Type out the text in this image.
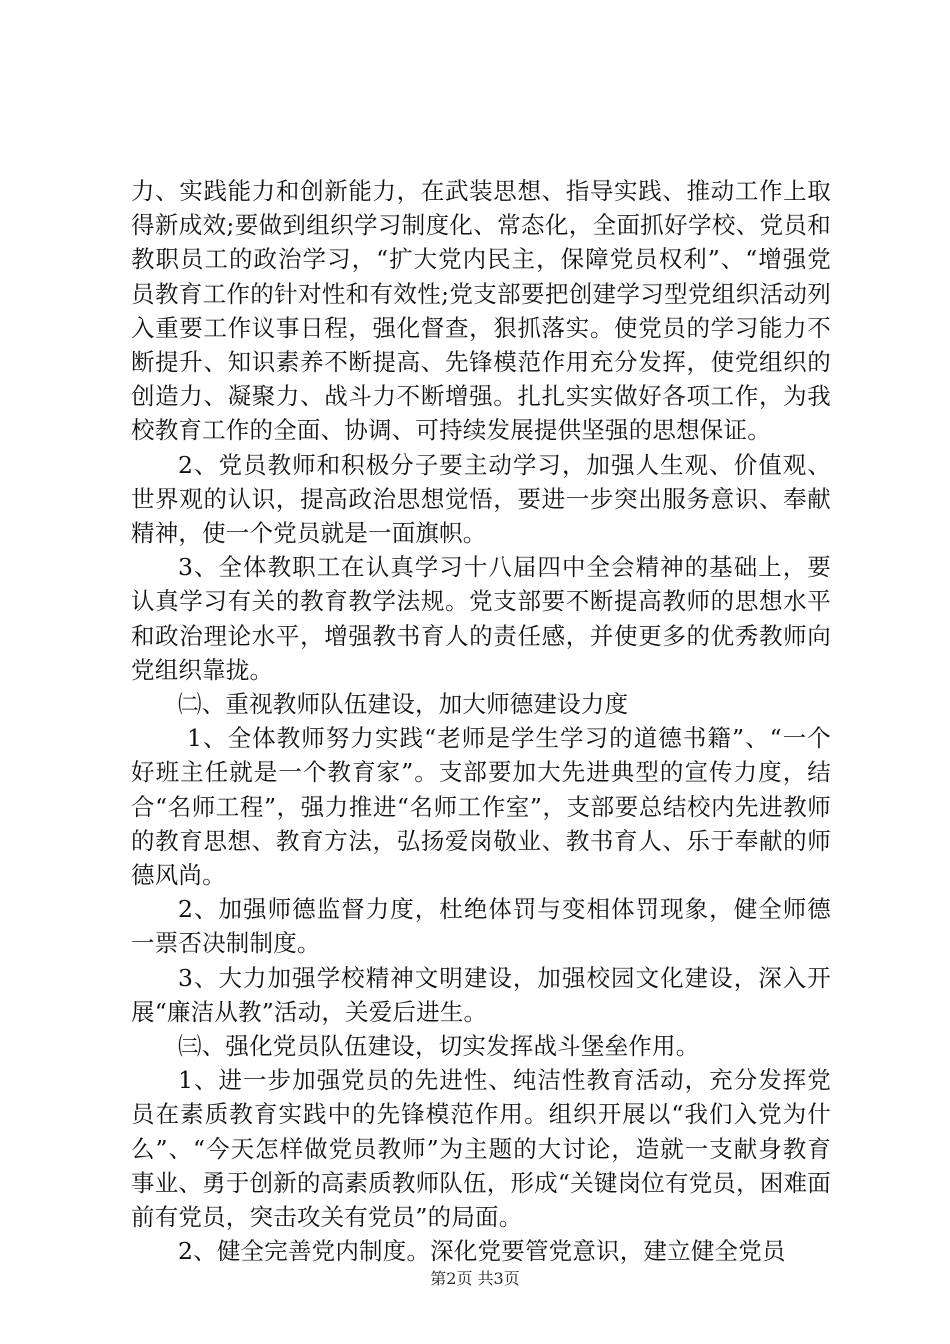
力、实践能力和创新能力，在武装思想、指导实践、推动工作上取得新成效;要做到组织学习制度化、常态化，全面抓好学校、党员和教职员工的政治学习，“扩大党内民主，保障党员权利”、“增强党员教育工作的针对性和有效性;党支部要把创建学习型党组织活动列入重要工作议事日程，强化督查，狠抓落实。使党员的学习能力不断提升、知识素养不断提高、先锋模范作用充分发挥，使党组织的创造力、凝聚力、战斗力不断增强。扎扎实实做好各项工作，为我校教育工作的全面、协调、可持续发展提供坚强的思想保证。

2、党员教师和积极分子要主动学习，加强人生观、价值观、世界观的认识，提高政治思想觉悟，要进一步突出服务意识、奉献精神，使一个党员就是一面旗帜。

3、全体教职工在认真学习十八届四中全会精神的基础上，要认真学习有关的教育教学法规。党支部要不断提高教师的思想水平和政治理论水平，增强教书育人的责任感，并使更多的优秀教师向党组织靠拢。

㈡、重视教师队伍建设，加大师德建设力度

1、全体教师努力实践“老师是学生学习的道德书籍”、“一个好班主任就是一个教育家”。支部要加大先进典型的宣传力度，结合“名师工程”，强力推进“名师工作室”，支部要总结校内先进教师的教育思想、教育方法，弘扬爱岗敬业、教书育人、乐于奉献的师德风尚。

2、加强师德监督力度，杜绝体罚与变相体罚现象，健全师德一票否决制制度。

3、大力加强学校精神文明建设，加强校园文化建设，深入开展“廉洁从教”活动，关爱后进生。

㈢、强化党员队伍建设，切实发挥战斗堡垒作用。

1、进一步加强党员的先进性、纯洁性教育活动，充分发挥党员在素质教育实践中的先锋模范作用。组织开展以“我们入党为什么”、“今天怎样做党员教师”为主题的大讨论，造就一支献身教育事业、勇于创新的高素质教师队伍，形成“关键岗位有党员，困难面前有党员，突击攻关有党员”的局面。

2、健全完善党内制度。深化党要管党意识，建立健全党员

第2页 共3页
